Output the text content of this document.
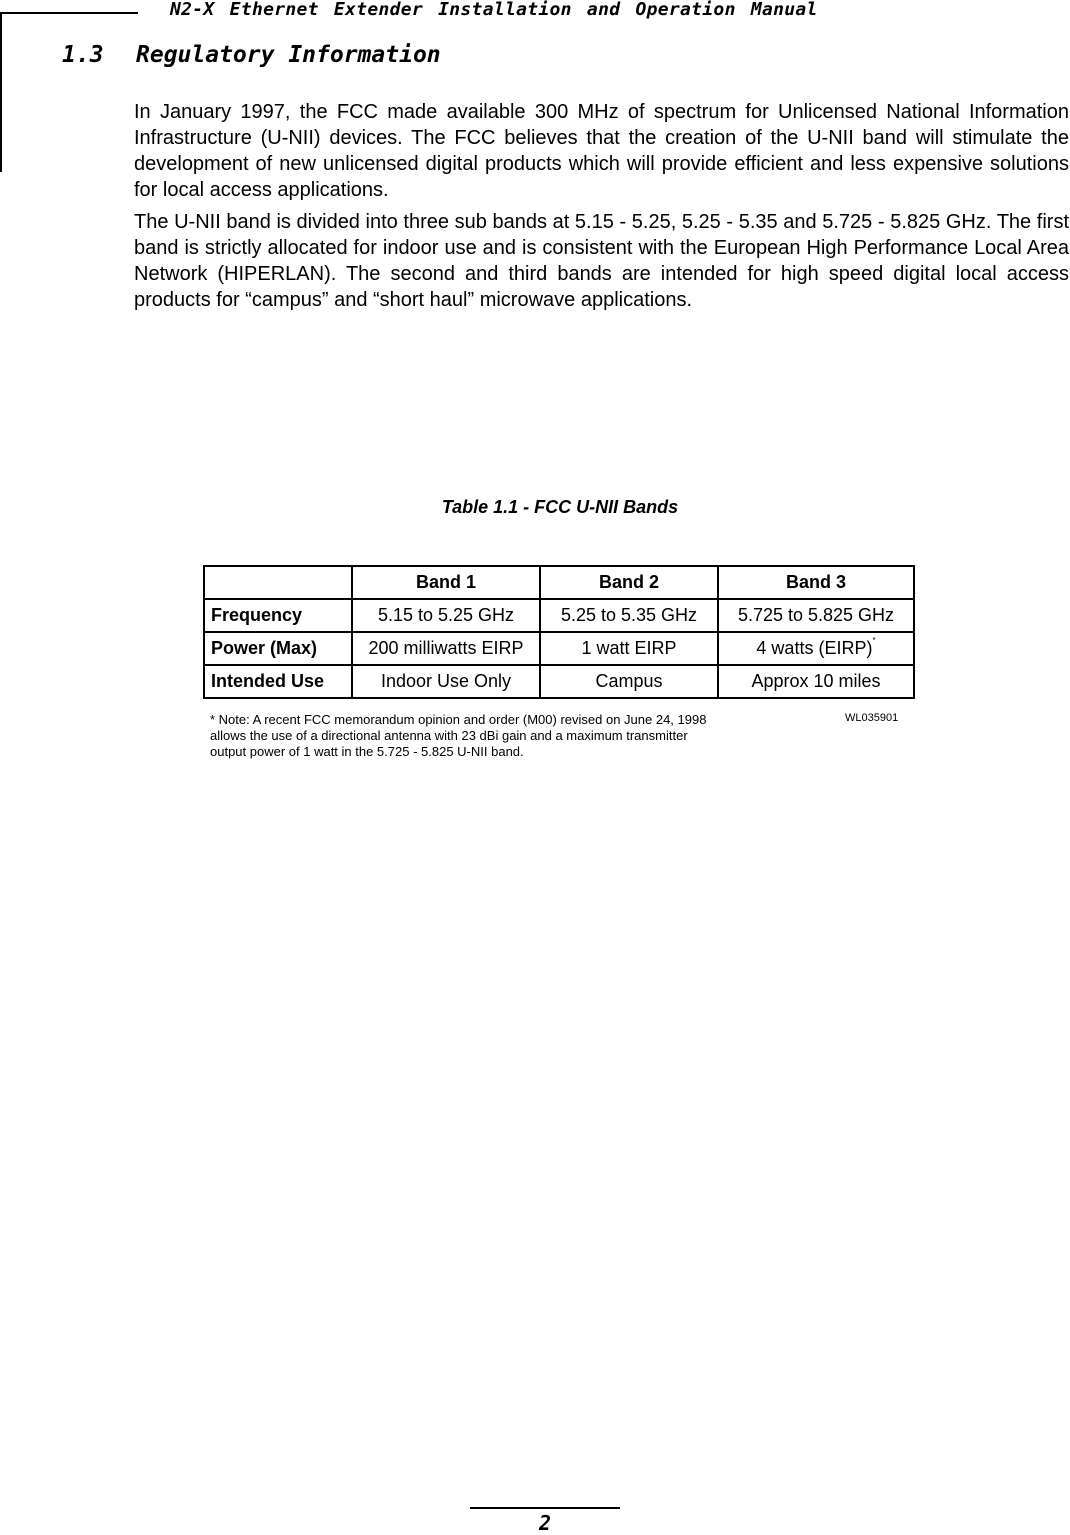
N2-X Ethernet Extender Installation and Operation Manual
1.3 Regulatory Information

In January 1997, the FCC made available 300 MHz of spectrum for Unlicensed National Information Infrastructure (U-NII) devices. The FCC believes that the creation of the U-NII band will stimulate the development of new unlicensed digital products which will provide efficient and less expensive solutions for local access applications.

The U-NII band is divided into three sub bands at 5.15 - 5.25, 5.25 - 5.35 and 5.725 - 5.825 GHz. The first band is strictly allocated for indoor use and is consistent with the European High Performance Local Area Network (HIPERLAN). The second and third bands are intended for high speed digital local access products for “campus” and “short haul” microwave applications.

Table 1.1 - FCC U-NII Bands
	Band 1	Band 2	Band 3
Frequency	5.15 to 5.25 GHz	5.25 to 5.35 GHz	5.725 to 5.825 GHz
Power (Max)	200 milliwatts EIRP	1 watt EIRP	4 watts (EIRP)*
Intended Use	Indoor Use Only	Campus	Approx 10 miles

* Note: A recent FCC memorandum opinion and order (M00) revised on June 24, 1998 allows the use of a directional antenna with 23 dBi gain and a maximum transmitter output power of 1 watt in the 5.725 - 5.825 U-NII band.

WL035901
2
